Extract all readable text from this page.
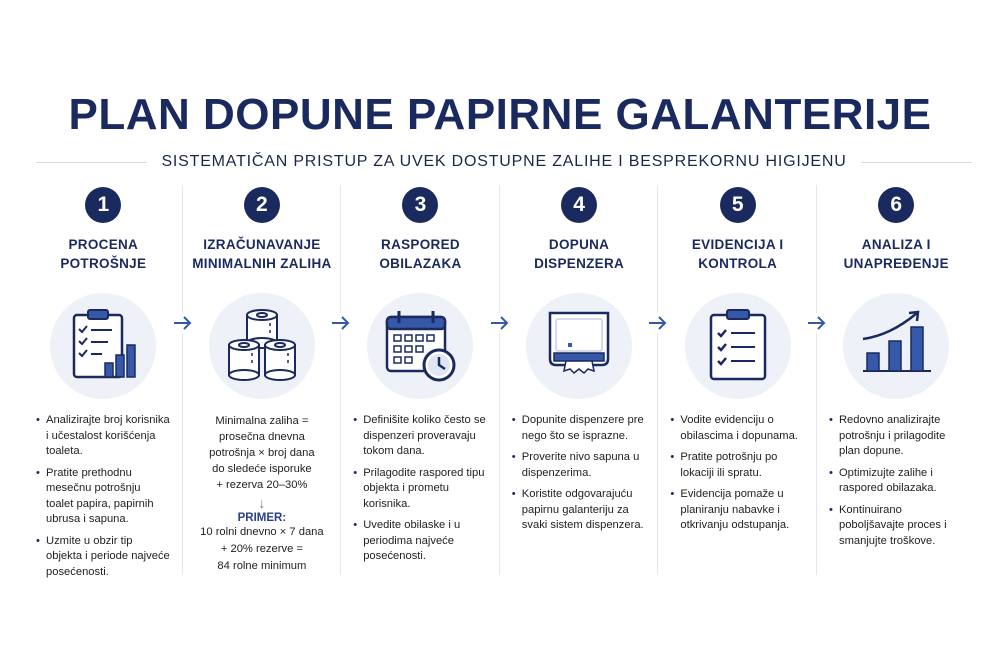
PLAN DOPUNE PAPIRNE GALANTERIJE
SISTEMATIČAN PRISTUP ZA UVEK DOSTUPNE ZALIHE I BESPREKORNU HIGIJENU
1
PROCENA
POTROŠNJE
• Analizirajte broj korisnika i učestalost korišćenja toaleta.
• Pratite prethodnu mesečnu potrošnju toalet papira, papirnih ubrusa i sapuna.
• Uzmite u obzir tip objekta i periode najveće posećenosti.
2
IZRAČUNAVANJE
MINIMALNIH ZALIHA
Minimalna zaliha =
prosečna dnevna
potrošnja × broj dana
do sledeće isporuke
+ rezerva 20–30%
↓
PRIMER:
10 rolni dnevno × 7 dana
+ 20% rezerve =
84 rolne minimum
3
RASPORED
OBILAZAKA
• Definišite koliko često se dispenzeri proveravaju tokom dana.
• Prilagodite raspored tipu objekta i prometu korisnika.
• Uvedite obilaske i u periodima najveće posećenosti.
4
DOPUNA
DISPENZERA
• Dopunite dispenzere pre nego što se isprazne.
• Proverite nivo sapuna u dispenzerima.
• Koristite odgovarajuću papirnu galanteriju za svaki sistem dispenzera.
5
EVIDENCIJA I
KONTROLA
• Vodite evidenciju o obilascima i dopunama.
• Pratite potrošnju po lokaciji ili spratu.
• Evidencija pomaže u planiranju nabavke i otkrivanju odstupanja.
6
ANALIZA I
UNAPREĐENJE
• Redovno analizirajte potrošnju i prilagodite plan dopune.
• Optimizujte zalihe i raspored obilazaka.
• Kontinuirano poboljšavajte proces i smanjujte troškove.
